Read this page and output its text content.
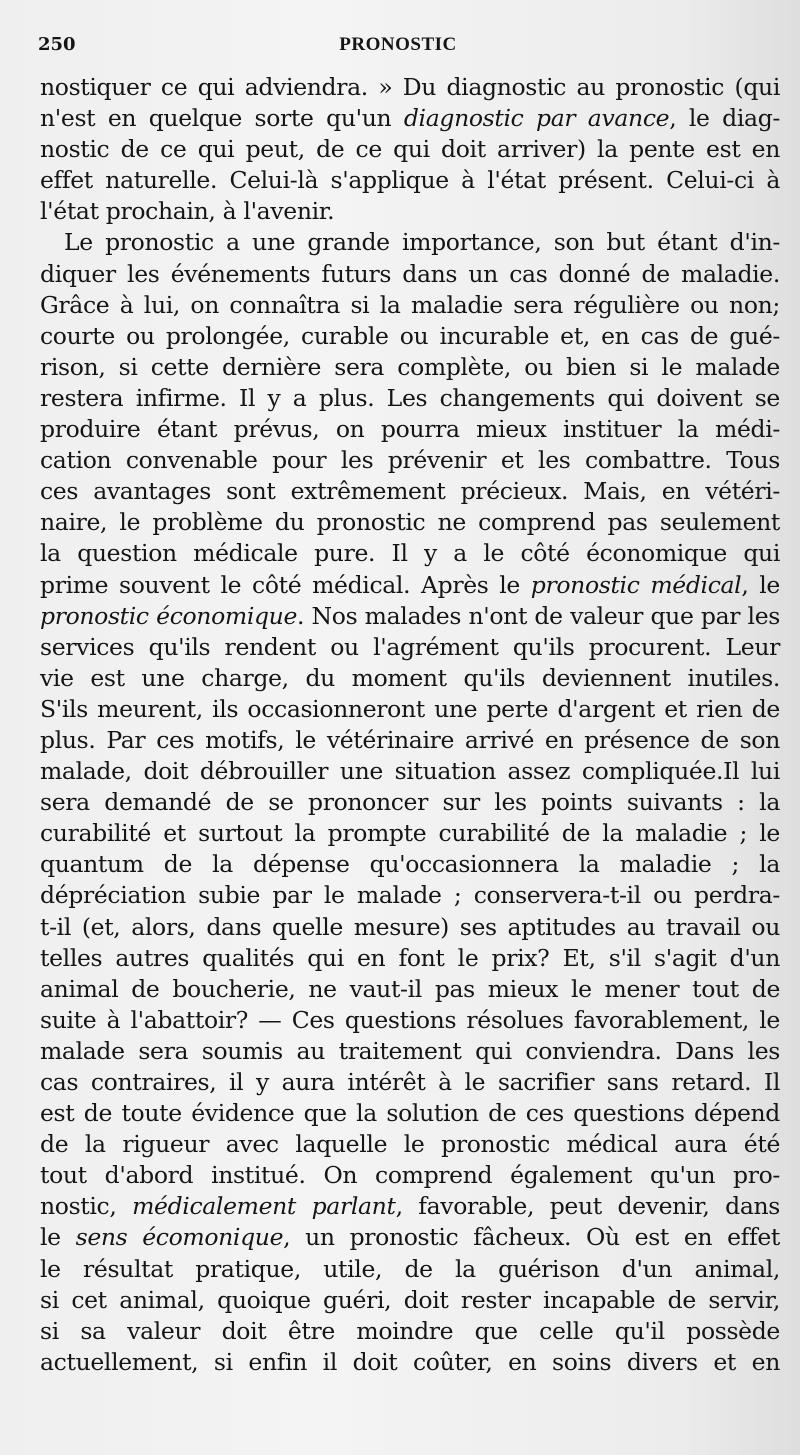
250	PRONOSTIC
nostiquer ce qui adviendra. » Du diagnostic au pronostic (qui
n'est en quelque sorte qu'un diagnostic par avance, le diag-
nostic de ce qui peut, de ce qui doit arriver) la pente est en
effet naturelle. Celui-là s'applique à l'état présent. Celui-ci à
l'état prochain, à l'avenir.
Le pronostic a une grande importance, son but étant d'in-
diquer les événements futurs dans un cas donné de maladie.
Grâce à lui, on connaîtra si la maladie sera régulière ou non;
courte ou prolongée, curable ou incurable et, en cas de gué-
rison, si cette dernière sera complète, ou bien si le malade
restera infirme. Il y a plus. Les changements qui doivent se
produire étant prévus, on pourra mieux instituer la médi-
cation convenable pour les prévenir et les combattre. Tous
ces avantages sont extrêmement précieux. Mais, en vétéri-
naire, le problème du pronostic ne comprend pas seulement
la question médicale pure. Il y a le côté économique qui
prime souvent le côté médical. Après le pronostic médical, le
pronostic économique. Nos malades n'ont de valeur que par les
services qu'ils rendent ou l'agrément qu'ils procurent. Leur
vie est une charge, du moment qu'ils deviennent inutiles.
S'ils meurent, ils occasionneront une perte d'argent et rien de
plus. Par ces motifs, le vétérinaire arrivé en présence de son
malade, doit débrouiller une situation assez compliquée.Il lui
sera demandé de se prononcer sur les points suivants : la
curabilité et surtout la prompte curabilité de la maladie ; le
quantum de la dépense qu'occasionnera la maladie ; la
dépréciation subie par le malade ; conservera-t-il ou perdra-
t-il (et, alors, dans quelle mesure) ses aptitudes au travail ou
telles autres qualités qui en font le prix? Et, s'il s'agit d'un
animal de boucherie, ne vaut-il pas mieux le mener tout de
suite à l'abattoir? — Ces questions résolues favorablement, le
malade sera soumis au traitement qui conviendra. Dans les
cas contraires, il y aura intérêt à le sacrifier sans retard. Il
est de toute évidence que la solution de ces questions dépend
de la rigueur avec laquelle le pronostic médical aura été
tout d'abord institué. On comprend également qu'un pro-
nostic, médicalement parlant, favorable, peut devenir, dans
le sens écomonique, un pronostic fâcheux. Où est en effet
le résultat pratique, utile, de la guérison d'un animal,
si cet animal, quoique guéri, doit rester incapable de servir,
si sa valeur doit être moindre que celle qu'il possède
actuellement, si enfin il doit coûter, en soins divers et en
